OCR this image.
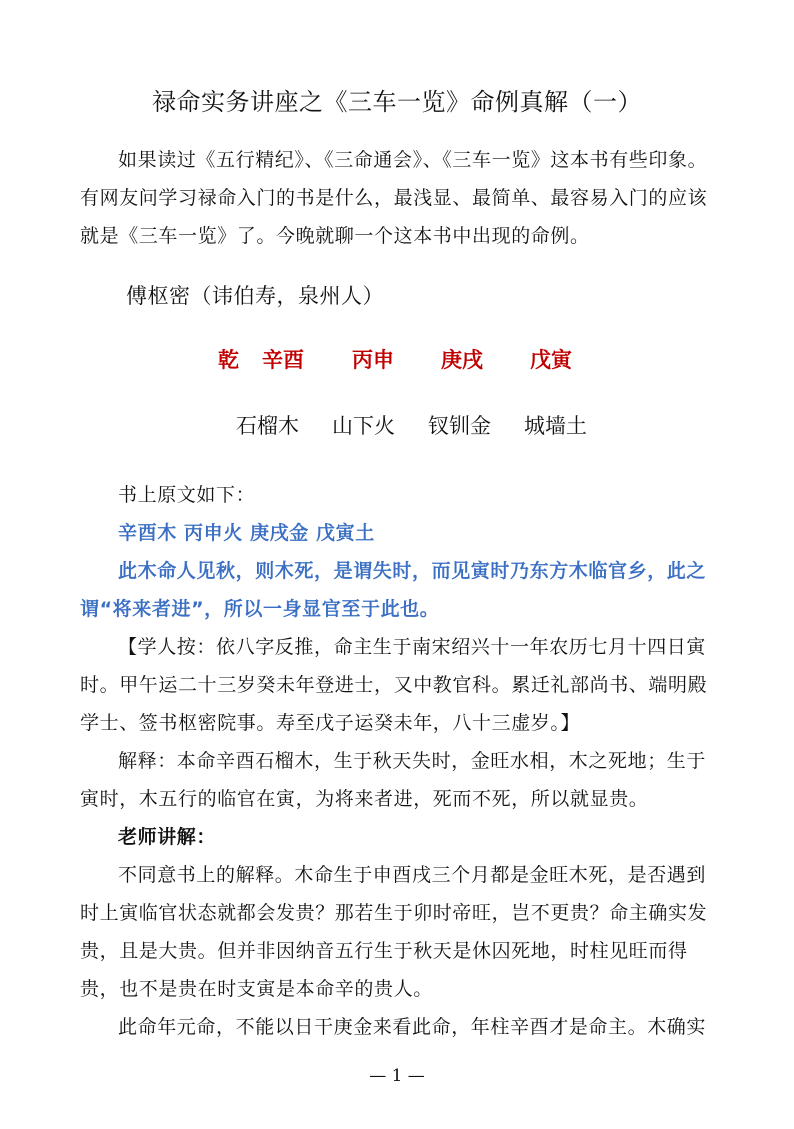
禄命实务讲座之《三车一览》命例真解（一）

如果读过《五行精纪》、《三命通会》、《三车一览》这本书有些印象。有网友问学习禄命入门的书是什么，最浅显、最简单、最容易入门的应该就是《三车一览》了。今晚就聊一个这本书中出现的命例。

傅枢密（讳伯寿，泉州人）
乾 辛酉 丙申 庚戌 戊寅
石榴木 山下火 钗钏金 城墙土

书上原文如下：

辛酉木 丙申火 庚戌金 戊寅土

此木命人见秋，则木死，是谓失时，而见寅时乃东方木临官乡，此之谓“将来者进”，所以一身显官至于此也。

【学人按：依八字反推，命主生于南宋绍兴十一年农历七月十四日寅时。甲午运二十三岁癸未年登进士，又中教官科。累迁礼部尚书、端明殿学士、签书枢密院事。寿至戊子运癸未年，八十三虚岁。】

解释：本命辛酉石榴木，生于秋天失时，金旺水相，木之死地；生于寅时，木五行的临官在寅，为将来者进，死而不死，所以就显贵。

老师讲解：

不同意书上的解释。木命生于申酉戌三个月都是金旺木死，是否遇到时上寅临官状态就都会发贵？那若生于卯时帝旺，岂不更贵？命主确实发贵，且是大贵。但并非因纳音五行生于秋天是休囚死地，时柱见旺而得贵，也不是贵在时支寅是本命辛的贵人。

此命年元命，不能以日干庚金来看此命，年柱辛酉才是命主。木确实

— 1 —
